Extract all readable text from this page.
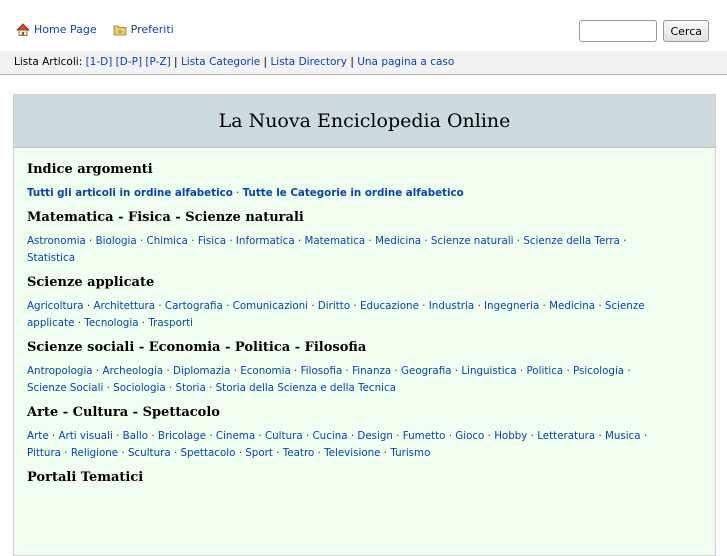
Home Page	Preferiti	Cerca
Lista Articoli: [1-D] [D-P] [P-Z] | Lista Categorie | Lista Directory | Una pagina a caso
La Nuova Enciclopedia Online
Indice argomenti
Tutti gli articoli in ordine alfabetico · Tutte le Categorie in ordine alfabetico
Matematica - Fisica - Scienze naturali
Astronomia · Biologia · Chimica · Fisica · Informatica · Matematica · Medicina · Scienze naturali · Scienze della Terra · Statistica
Scienze applicate
Agricoltura · Architettura · Cartografia · Comunicazioni · Diritto · Educazione · Industria · Ingegneria · Medicina · Scienze applicate · Tecnologia · Trasporti
Scienze sociali - Economia - Politica - Filosofia
Antropologia · Archeologia · Diplomazia · Economia · Filosofia · Finanza · Geografia · Linguistica · Politica · Psicologia · Scienze Sociali · Sociologia · Storia · Storia della Scienza e della Tecnica
Arte - Cultura - Spettacolo
Arte · Arti visuali · Ballo · Bricolage · Cinema · Cultura · Cucina · Design · Fumetto · Gioco · Hobby · Letteratura · Musica · Pittura · Religione · Scultura · Spettacolo · Sport · Teatro · Televisione · Turismo
Portali Tematici
